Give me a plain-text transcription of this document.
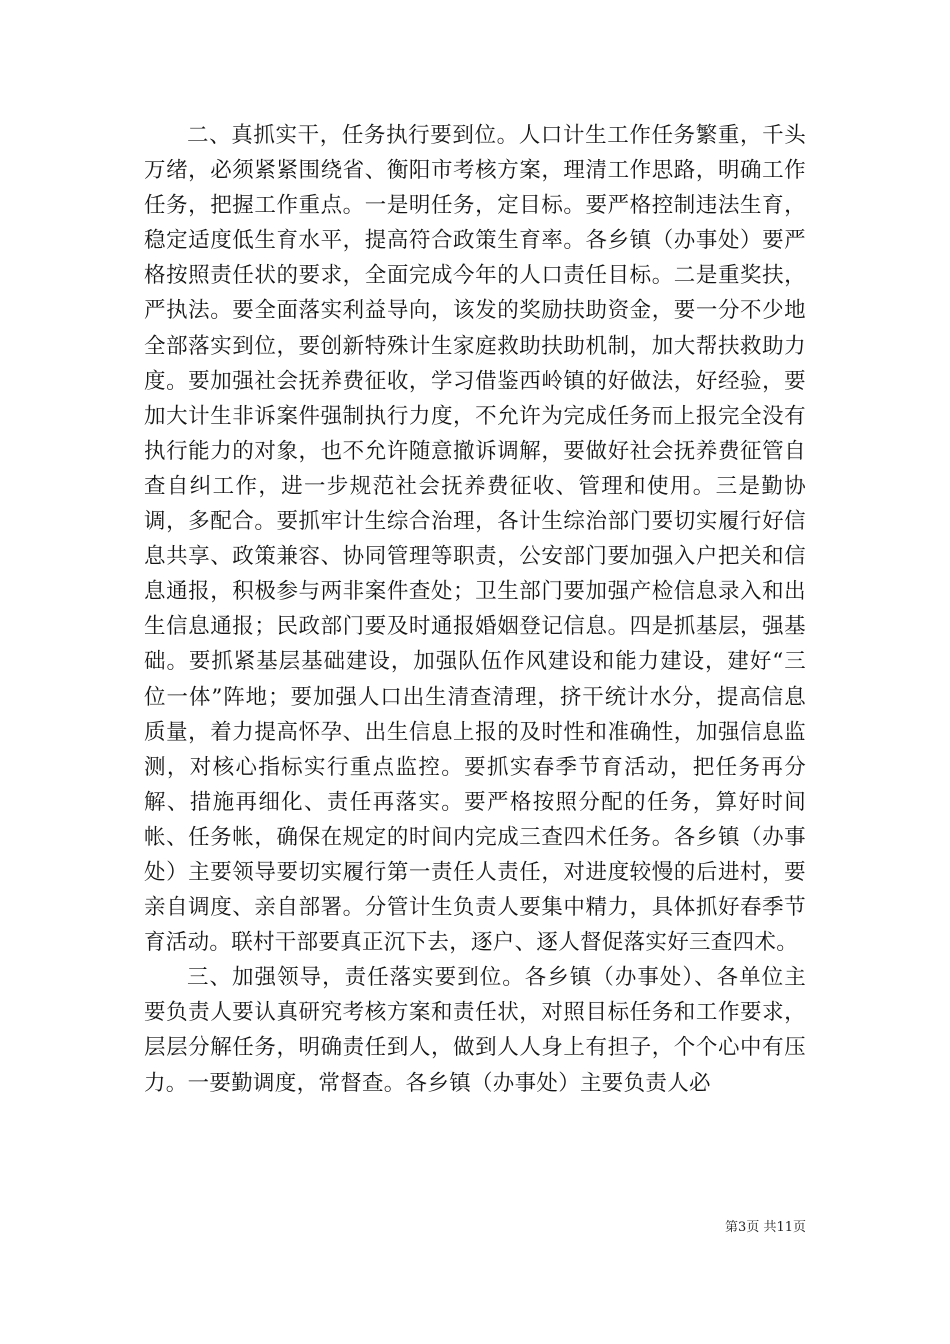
二、真抓实干，任务执行要到位。人口计生工作任务繁重，千头万绪，必须紧紧围绕省、衡阳市考核方案，理清工作思路，明确工作任务，把握工作重点。一是明任务，定目标。要严格控制违法生育，稳定适度低生育水平，提高符合政策生育率。各乡镇（办事处）要严格按照责任状的要求，全面完成今年的人口责任目标。二是重奖扶，严执法。要全面落实利益导向，该发的奖励扶助资金，要一分不少地全部落实到位，要创新特殊计生家庭救助扶助机制，加大帮扶救助力度。要加强社会抚养费征收，学习借鉴西岭镇的好做法，好经验，要加大计生非诉案件强制执行力度，不允许为完成任务而上报完全没有执行能力的对象，也不允许随意撤诉调解，要做好社会抚养费征管自查自纠工作，进一步规范社会抚养费征收、管理和使用。三是勤协调，多配合。要抓牢计生综合治理，各计生综治部门要切实履行好信息共享、政策兼容、协同管理等职责，公安部门要加强入户把关和信息通报，积极参与两非案件查处；卫生部门要加强产检信息录入和出生信息通报；民政部门要及时通报婚姻登记信息。四是抓基层，强基础。要抓紧基层基础建设，加强队伍作风建设和能力建设，建好“三位一体”阵地；要加强人口出生清查清理，挤干统计水分，提高信息质量，着力提高怀孕、出生信息上报的及时性和准确性，加强信息监测，对核心指标实行重点监控。要抓实春季节育活动，把任务再分解、措施再细化、责任再落实。要严格按照分配的任务，算好时间帐、任务帐，确保在规定的时间内完成三查四术任务。各乡镇（办事处）主要领导要切实履行第一责任人责任，对进度较慢的后进村，要亲自调度、亲自部署。分管计生负责人要集中精力，具体抓好春季节育活动。联村干部要真正沉下去，逐户、逐人督促落实好三查四术。

三、加强领导，责任落实要到位。各乡镇（办事处）、各单位主要负责人要认真研究考核方案和责任状，对照目标任务和工作要求，层层分解任务，明确责任到人，做到人人身上有担子，个个心中有压力。一要勤调度，常督查。各乡镇（办事处）主要负责人必

第3页 共11页
